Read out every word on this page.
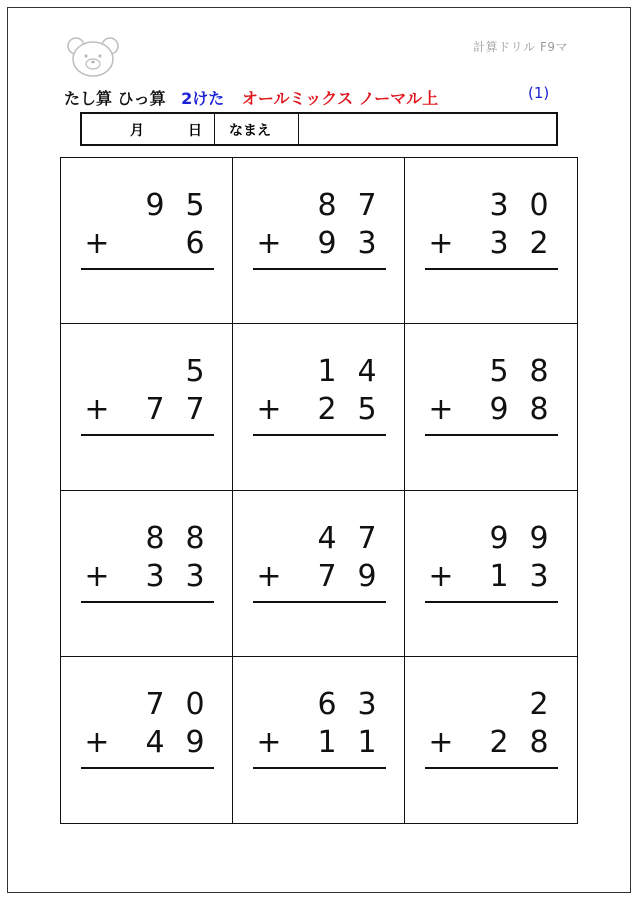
計算ドリル F9マ
たし算 ひっ算 2けた オールミックス ノーマル上	(1)
月	日 なまえ
9 5
+	6
8 7
+ 9 3
3 0
+ 3 2
5
+ 7 7
1 4
+ 2 5
5 8
+ 9 8
8 8
+ 3 3
4 7
+ 7 9
9 9
+ 1 3
7 0
+ 4 9
6 3
+ 1 1
2
+ 2 8
